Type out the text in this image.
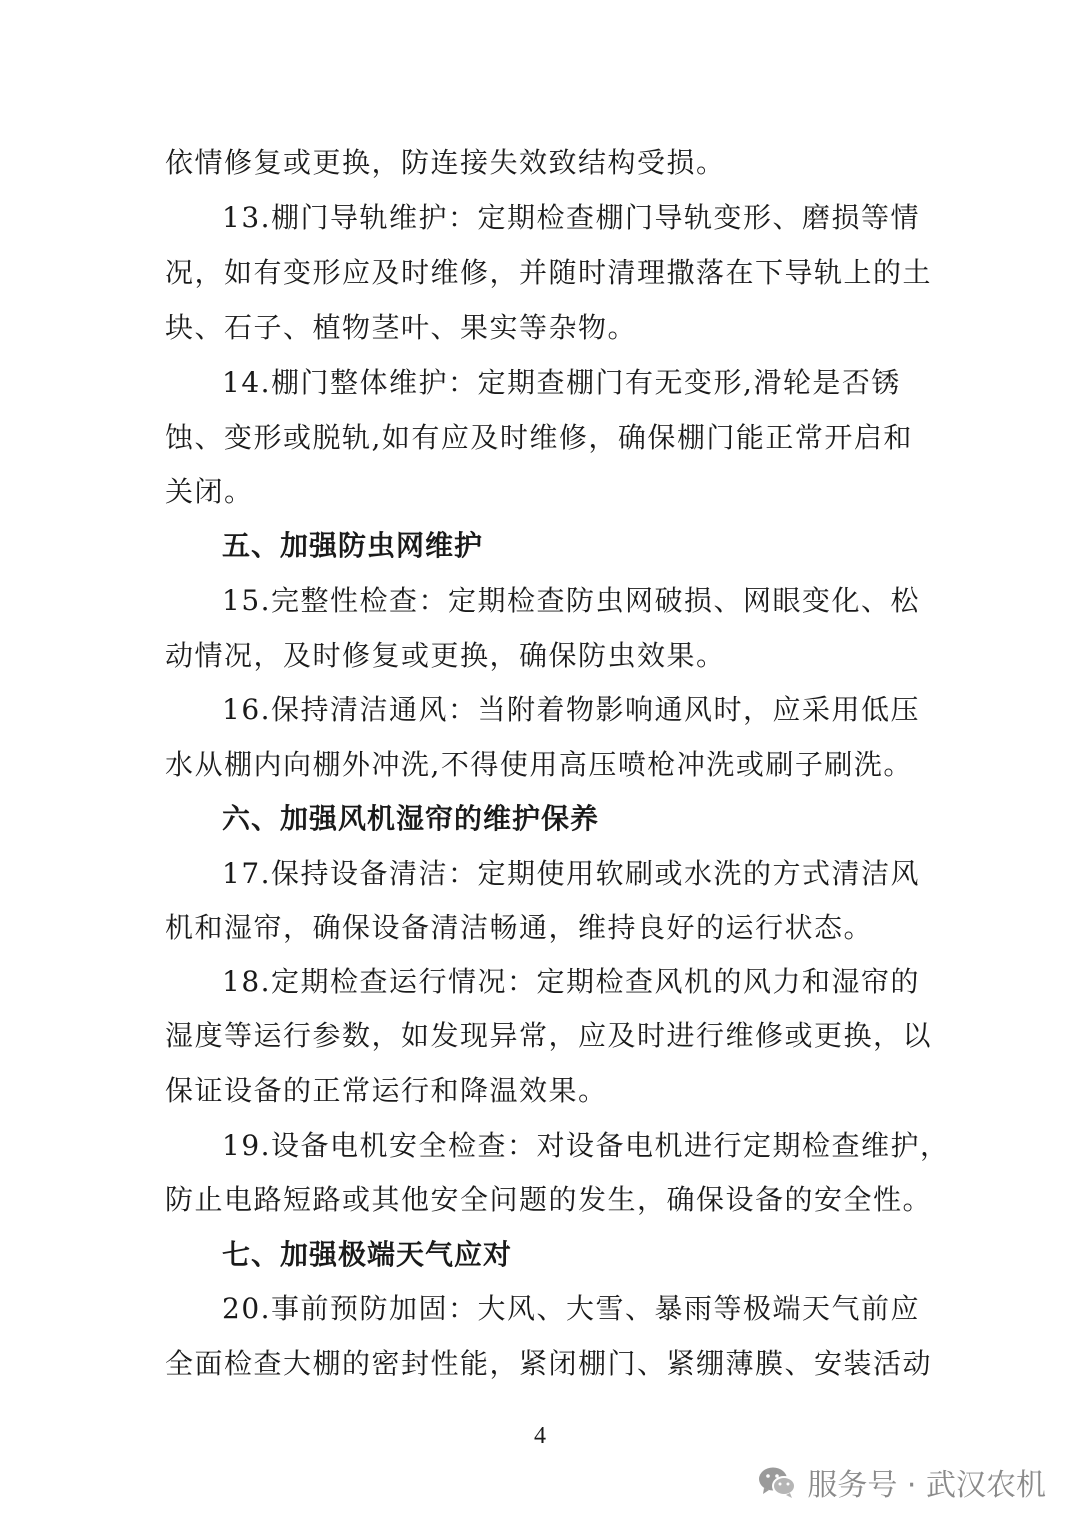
依情修复或更换，防连接失效致结构受损。
13.棚门导轨维护：定期检查棚门导轨变形、磨损等情
况，如有变形应及时维修，并随时清理撒落在下导轨上的土
块、石子、植物茎叶、果实等杂物。
14.棚门整体维护：定期查棚门有无变形,滑轮是否锈
蚀、变形或脱轨,如有应及时维修，确保棚门能正常开启和
关闭。
五、加强防虫网维护
15.完整性检查：定期检查防虫网破损、网眼变化、松
动情况，及时修复或更换，确保防虫效果。
16.保持清洁通风：当附着物影响通风时，应采用低压
水从棚内向棚外冲洗,不得使用高压喷枪冲洗或刷子刷洗。
六、加强风机湿帘的维护保养
17.保持设备清洁：定期使用软刷或水洗的方式清洁风
机和湿帘，确保设备清洁畅通，维持良好的运行状态。
18.定期检查运行情况：定期检查风机的风力和湿帘的
湿度等运行参数，如发现异常，应及时进行维修或更换，以
保证设备的正常运行和降温效果。
19.设备电机安全检查：对设备电机进行定期检查维护，
防止电路短路或其他安全问题的发生，确保设备的安全性。
七、加强极端天气应对
20.事前预防加固：大风、大雪、暴雨等极端天气前应
全面检查大棚的密封性能，紧闭棚门、紧绷薄膜、安装活动
4
服务号 · 武汉农机
